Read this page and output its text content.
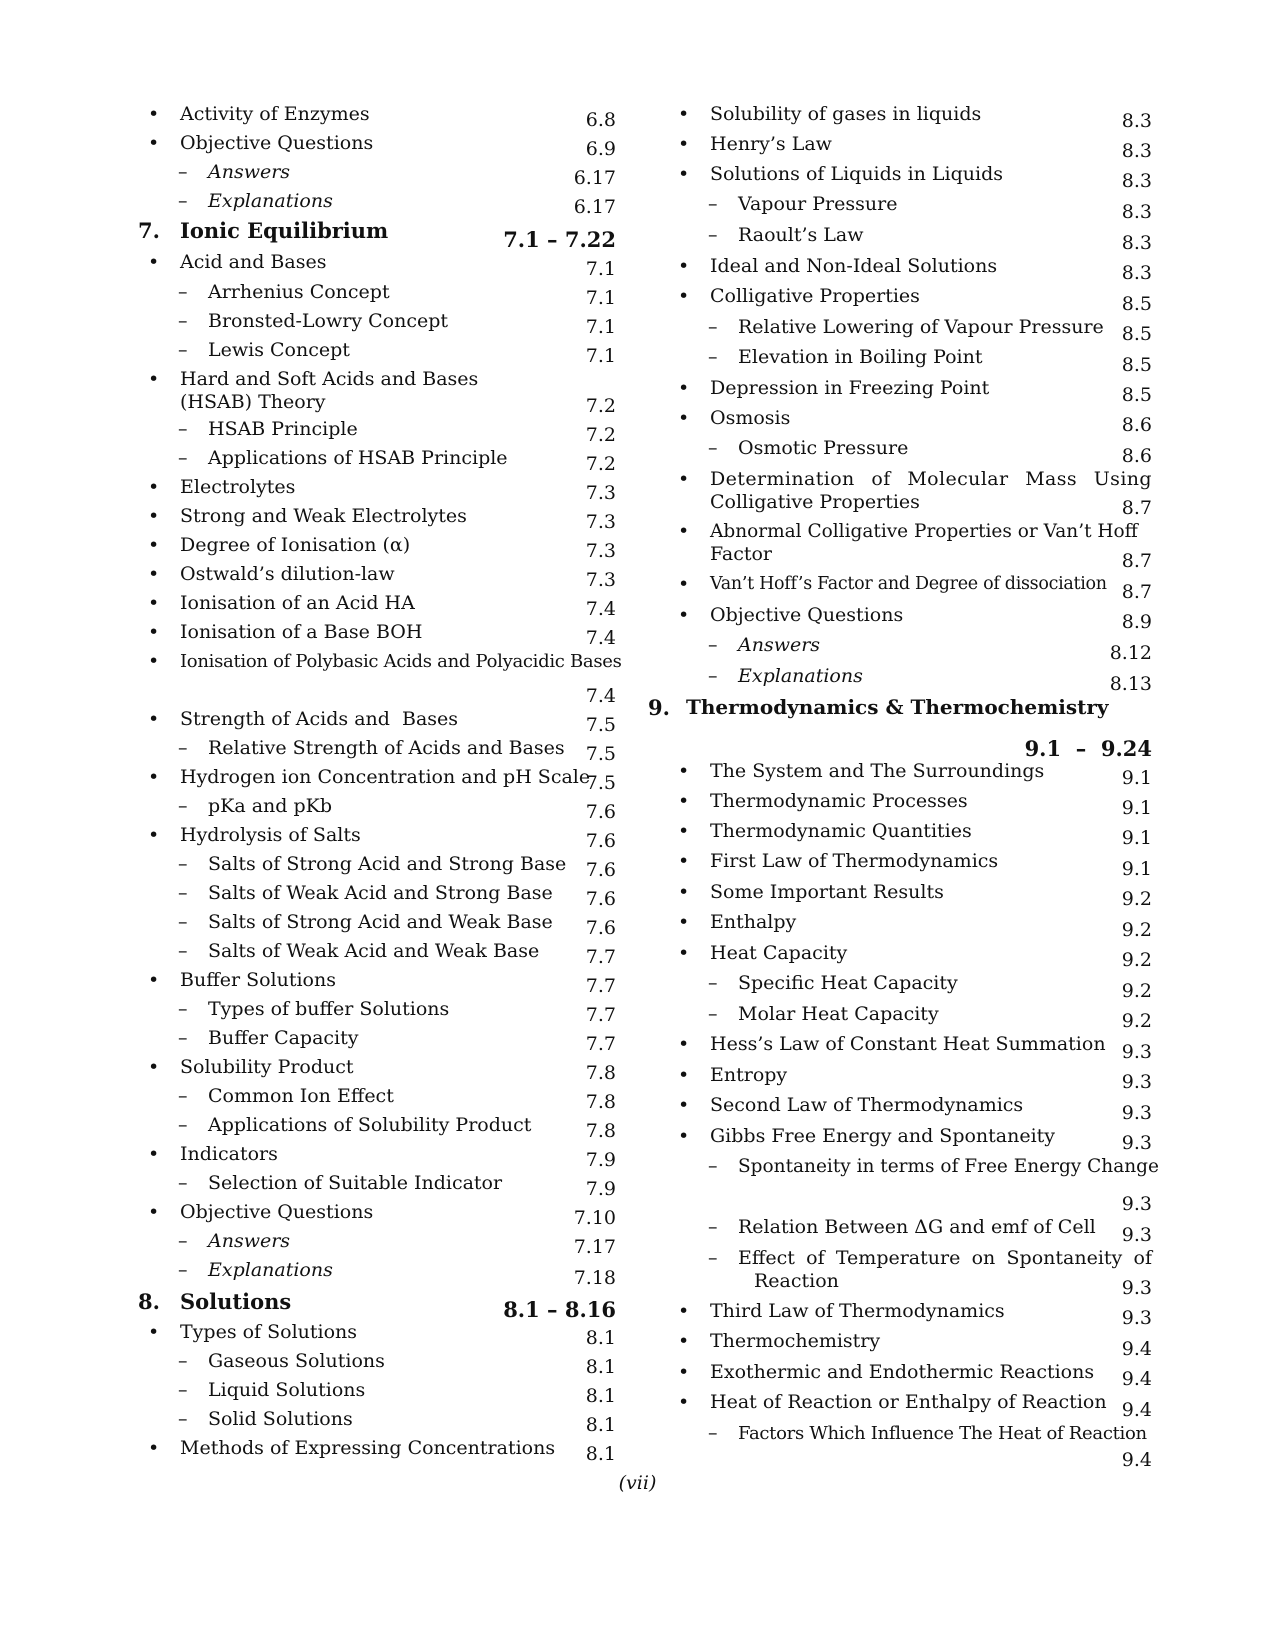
•	Activity of Enzymes	6.8
•	Objective Questions	6.9
–	Answers	6.17
–	Explanations	6.17
7. Ionic Equilibrium	7.1 – 7.22
•	Acid and Bases	7.1
–	Arrhenius Concept	7.1
–	Bronsted-Lowry Concept	7.1
–	Lewis Concept	7.1
•	Hard and Soft Acids and Bases (HSAB) Theory	7.2
–	HSAB Principle	7.2
–	Applications of HSAB Principle	7.2
•	Electrolytes	7.3
•	Strong and Weak Electrolytes	7.3
•	Degree of Ionisation (α)	7.3
•	Ostwald’s dilution-law	7.3
•	Ionisation of an Acid HA	7.4
•	Ionisation of a Base BOH	7.4
•	Ionisation of Polybasic Acids and Polyacidic Bases
7.4
•	Strength of Acids and  Bases	7.5
–	Relative Strength of Acids and Bases	7.5
•	Hydrogen ion Concentration and pH Scale
7.5
–	pKa and pKb	7.6
•	Hydrolysis of Salts	7.6
–	Salts of Strong Acid and Strong Base	7.6
–	Salts of Weak Acid and Strong Base	7.6
–	Salts of Strong Acid and Weak Base	7.6
–	Salts of Weak Acid and Weak Base	7.7
•	Buffer Solutions	7.7
–	Types of buffer Solutions	7.7
–	Buffer Capacity	7.7
•	Solubility Product	7.8
–	Common Ion Effect	7.8
–	Applications of Solubility Product	7.8
•	Indicators	7.9
–	Selection of Suitable Indicator	7.9
•	Objective Questions	7.10
–	Answers	7.17
–	Explanations	7.18
8. Solutions	8.1 – 8.16
•	Types of Solutions	8.1
–	Gaseous Solutions	8.1
–	Liquid Solutions	8.1
–	Solid Solutions	8.1
•	Methods of Expressing Concentrations	8.1
•	Solubility of gases in liquids	8.3
•	Henry’s Law	8.3
•	Solutions of Liquids in Liquids	8.3
–	Vapour Pressure	8.3
–	Raoult’s Law	8.3
•	Ideal and Non-Ideal Solutions	8.3
•	Colligative Properties	8.5
–	Relative Lowering of Vapour Pressure 8.5
–	Elevation in Boiling Point	8.5
•	Depression in Freezing Point	8.5
•	Osmosis	8.6
–	Osmotic Pressure	8.6
•	Determination of Molecular Mass Using
Colligative Properties	8.7
•	Abnormal Colligative Properties or Van’t Hoff
Factor	8.7
•	Van’t Hoff’s Factor and Degree of dissociation 8.7
•	Objective Questions	8.9
–	Answers	8.12
–	Explanations	8.13
9. Thermodynamics & Thermochemistry
9.1  –  9.24
•	The System and The Surroundings	9.1
•	Thermodynamic Processes	9.1
•	Thermodynamic Quantities	9.1
•	First Law of Thermodynamics	9.1
•	Some Important Results	9.2
•	Enthalpy	9.2
•	Heat Capacity	9.2
–	Specific Heat Capacity	9.2
–	Molar Heat Capacity	9.2
•	Hess’s Law of Constant Heat Summation 9.3
•	Entropy	9.3
•	Second Law of Thermodynamics	9.3
•	Gibbs Free Energy and Spontaneity	9.3
–	Spontaneity in terms of Free Energy Change
9.3
–	Relation Between ΔG and emf of Cell	9.3
–	Effect of Temperature on Spontaneity of
Reaction	9.3
•	Third Law of Thermodynamics	9.3
•	Thermochemistry	9.4
•	Exothermic and Endothermic Reactions	9.4
•	Heat of Reaction or Enthalpy of Reaction 9.4
–	Factors Which Influence The Heat of Reaction
9.4
(vii)
